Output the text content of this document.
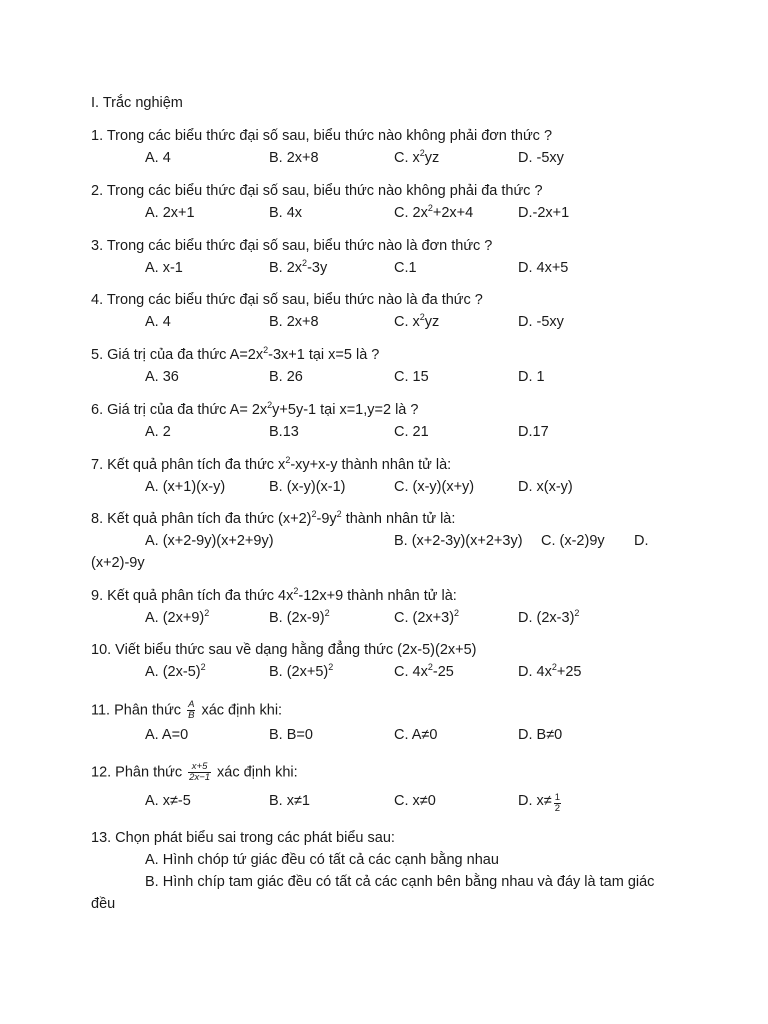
I. Trắc nghiệm
1. Trong các biểu thức đại số sau, biểu thức nào không phải đơn thức ?
A. 4	B. 2x+8	C. $x^2yz$	D. -5xy
2. Trong các biểu thức đại số sau, biểu thức nào không phải đa thức ?
A. 2x+1	B. 4x	C. $2x^2+2x+4$	D.-2x+1
3. Trong các biểu thức đại số sau, biểu thức nào là đơn thức ?
A. x-1	B. $2x^2-3y$	C.1	D. 4x+5
4. Trong các biểu thức đại số sau, biểu thức nào là đa thức ?
A. 4	B. 2x+8	C. $x^2yz$	D. -5xy
5. Giá trị của đa thức $A=2x^2-3x+1$ tại x=5 là ?
A. 36	B. 26	C. 15	D. 1
6. Giá trị của đa thức $A= 2x^2y+5y-1$ tại x=1,y=2 là ?
A. 2	B.13	C. 21	D.17
7. Kết quả phân tích đa thức $x^2-xy+x-y$ thành nhân tử là:
A. (x+1)(x-y)	B. (x-y)(x-1)	C. (x-y)(x+y)	D. x(x-y)
8. Kết quả phân tích đa thức $(x+2)^2-9y^2$ thành nhân tử là:
A. (x+2-9y)(x+2+9y)	B. (x+2-3y)(x+2+3y) C. (x-2)9y D.
(x+2)-9y
9. Kết quả phân tích đa thức $4x^2-12x+9$ thành nhân tử là:
A. $(2x+9)^2$	B. $(2x-9)^2$	C. $(2x+3)^2$	D. $(2x-3)^2$
10. Viết biểu thức sau về dạng hằng đẳng thức (2x-5)(2x+5)
A. $(2x-5)^2$	B. $(2x+5)^2$	C. $4x^2-25$	D. $4x^2+25$
11. Phân thức $\frac{A}{B}$ xác định khi:
A. A=0	B. B=0	C. A≠0	D. B≠0
12. Phân thức $\frac{x+5}{2x-1}$ xác định khi:
A. x≠-5	B. x≠1	C. x≠0	D. $x\ne \frac{1}{2}$
13. Chọn phát biểu sai trong các phát biểu sau:
A. Hình chóp tứ giác đều có tất cả các cạnh bằng nhau
B. Hình chíp tam giác đều có tất cả các cạnh bên bằng nhau và đáy là tam giác
đều
